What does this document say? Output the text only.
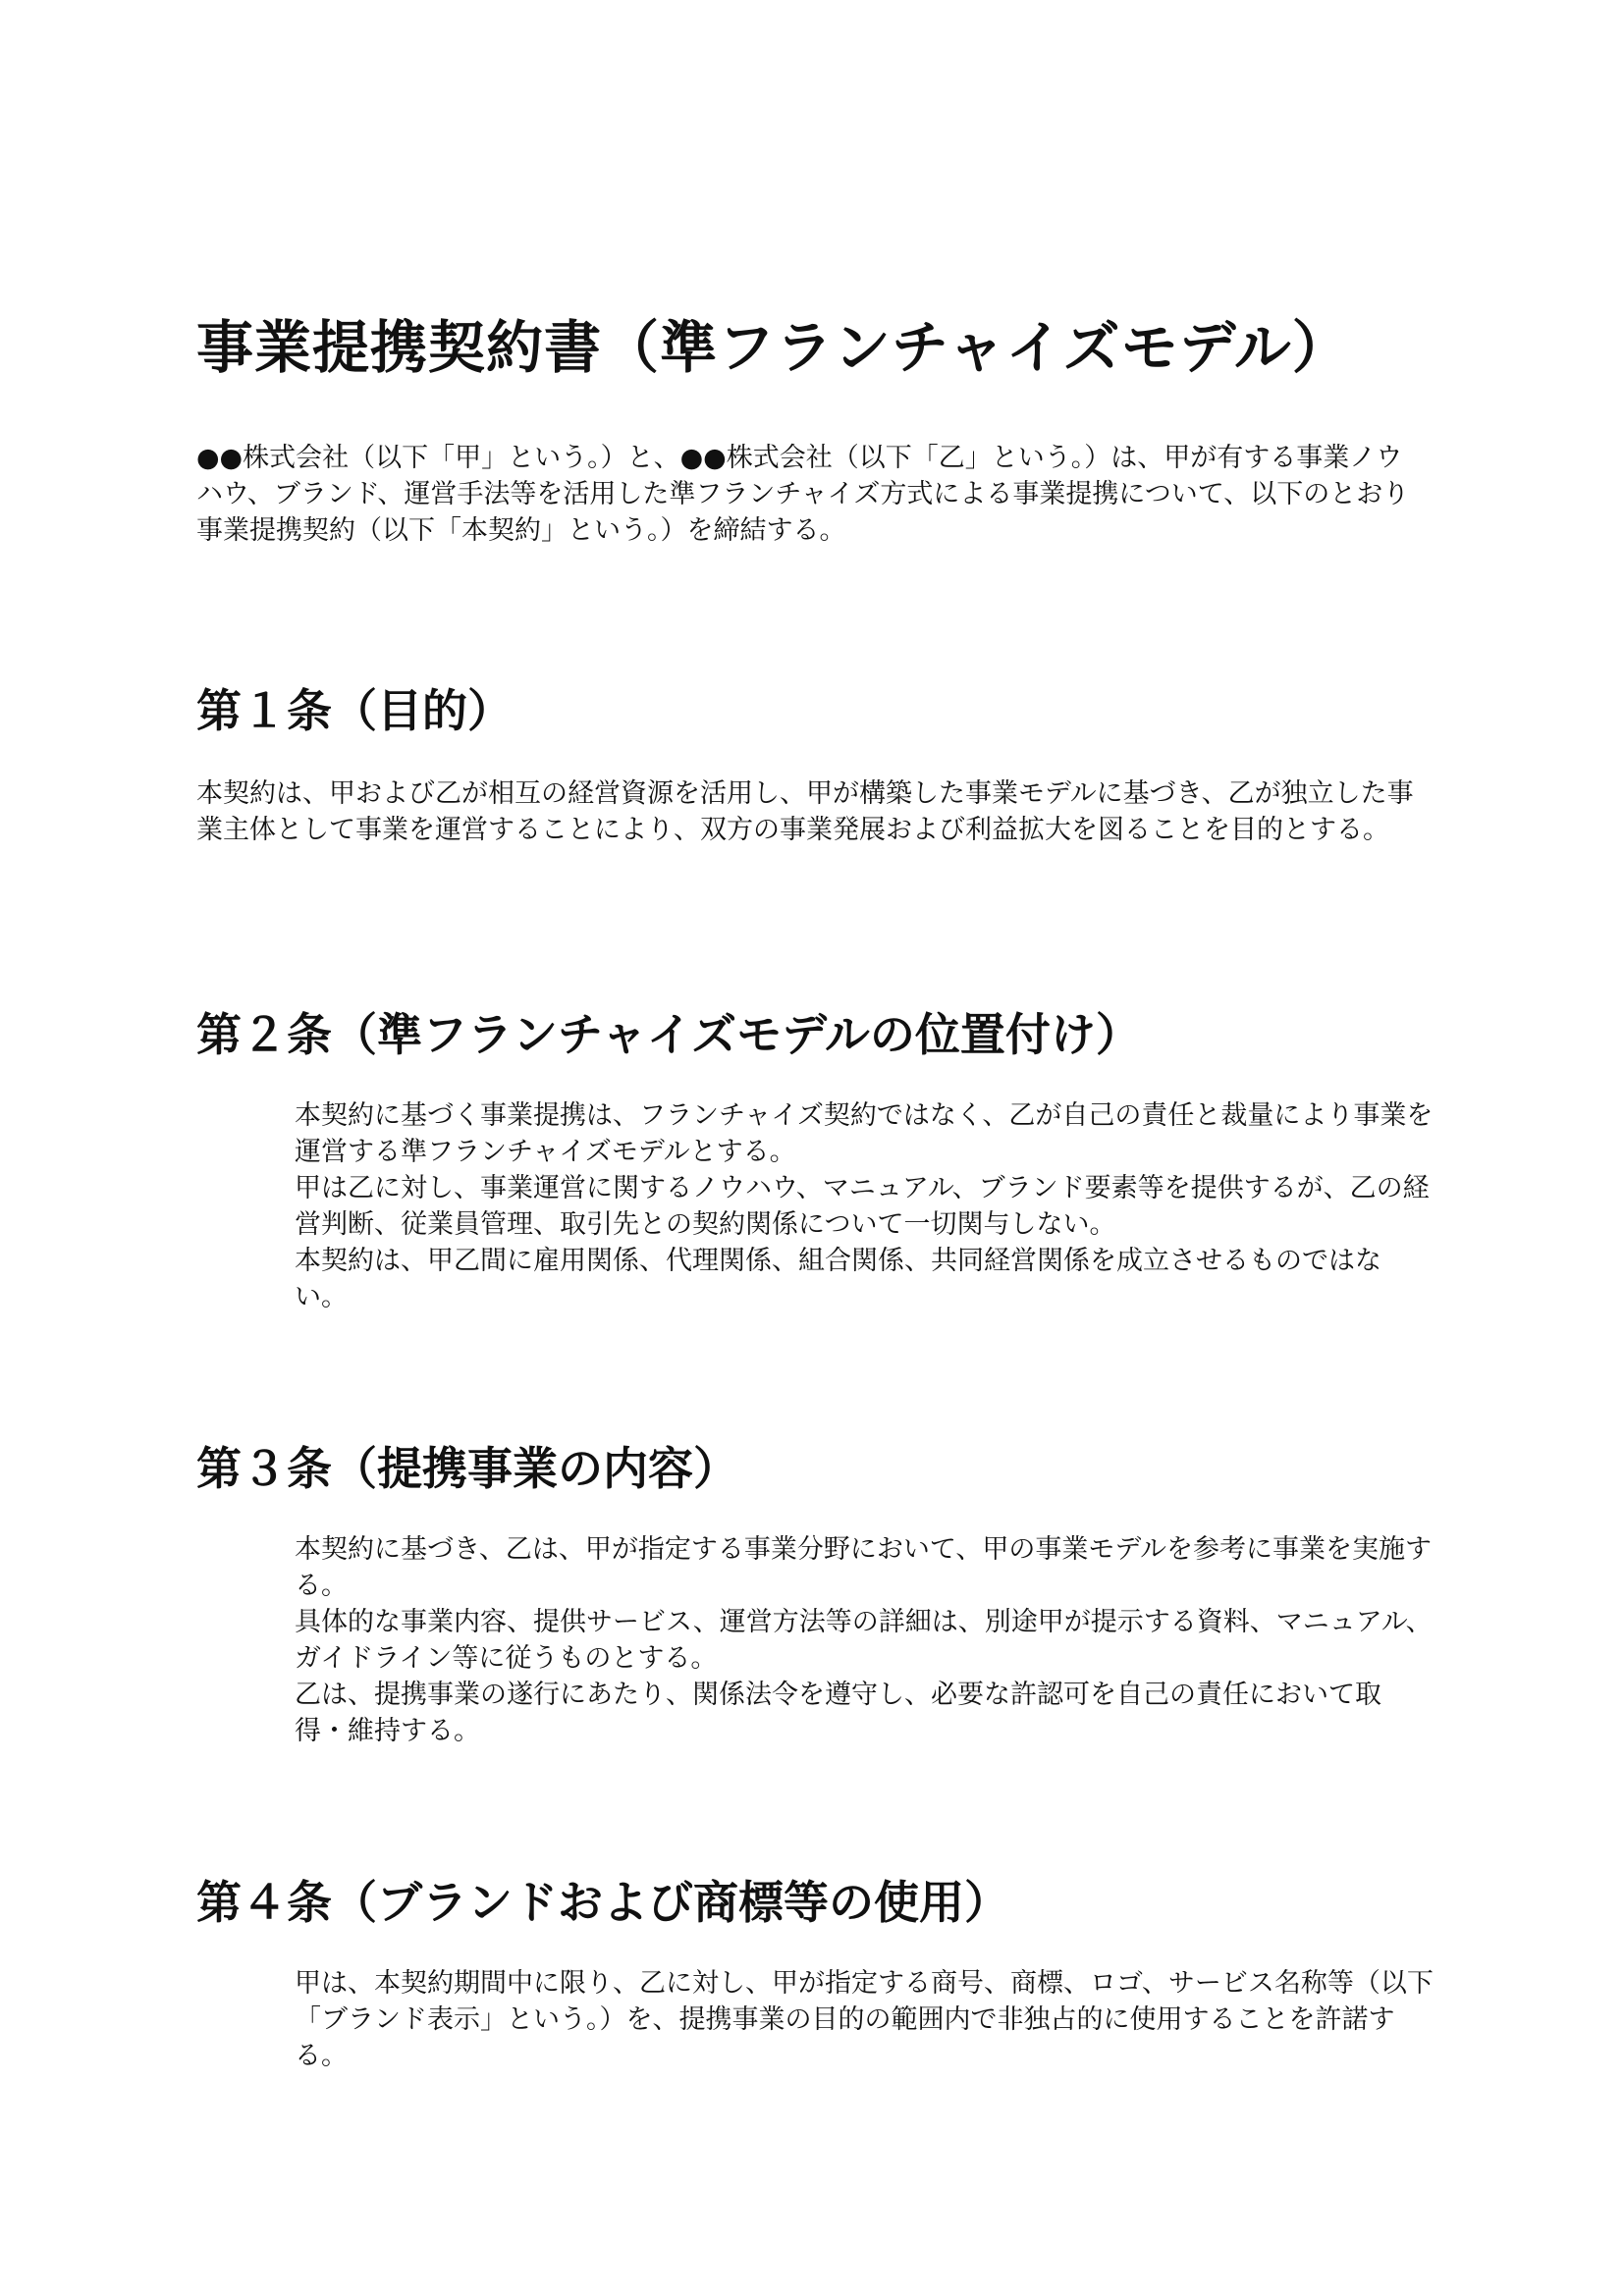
事業提携契約書（準フランチャイズモデル）
●●株式会社（以下「甲」という。）と、●●株式会社（以下「乙」という。）は、甲が有する事業ノウハウ、ブランド、運営手法等を活用した準フランチャイズ方式による事業提携について、以下のとおり事業提携契約（以下「本契約」という。）を締結する。
第１条（目的）
本契約は、甲および乙が相互の経営資源を活用し、甲が構築した事業モデルに基づき、乙が独立した事業主体として事業を運営することにより、双方の事業発展および利益拡大を図ることを目的とする。
第２条（準フランチャイズモデルの位置付け）
本契約に基づく事業提携は、フランチャイズ契約ではなく、乙が自己の責任と裁量により事業を運営する準フランチャイズモデルとする。
甲は乙に対し、事業運営に関するノウハウ、マニュアル、ブランド要素等を提供するが、乙の経営判断、従業員管理、取引先との契約関係について一切関与しない。
本契約は、甲乙間に雇用関係、代理関係、組合関係、共同経営関係を成立させるものではない。
第３条（提携事業の内容）
本契約に基づき、乙は、甲が指定する事業分野において、甲の事業モデルを参考に事業を実施する。
具体的な事業内容、提供サービス、運営方法等の詳細は、別途甲が提示する資料、マニュアル、ガイドライン等に従うものとする。
乙は、提携事業の遂行にあたり、関係法令を遵守し、必要な許認可を自己の責任において取得・維持する。
第４条（ブランドおよび商標等の使用）
甲は、本契約期間中に限り、乙に対し、甲が指定する商号、商標、ロゴ、サービス名称等（以下「ブランド表示」という。）を、提携事業の目的の範囲内で非独占的に使用することを許諾する。
